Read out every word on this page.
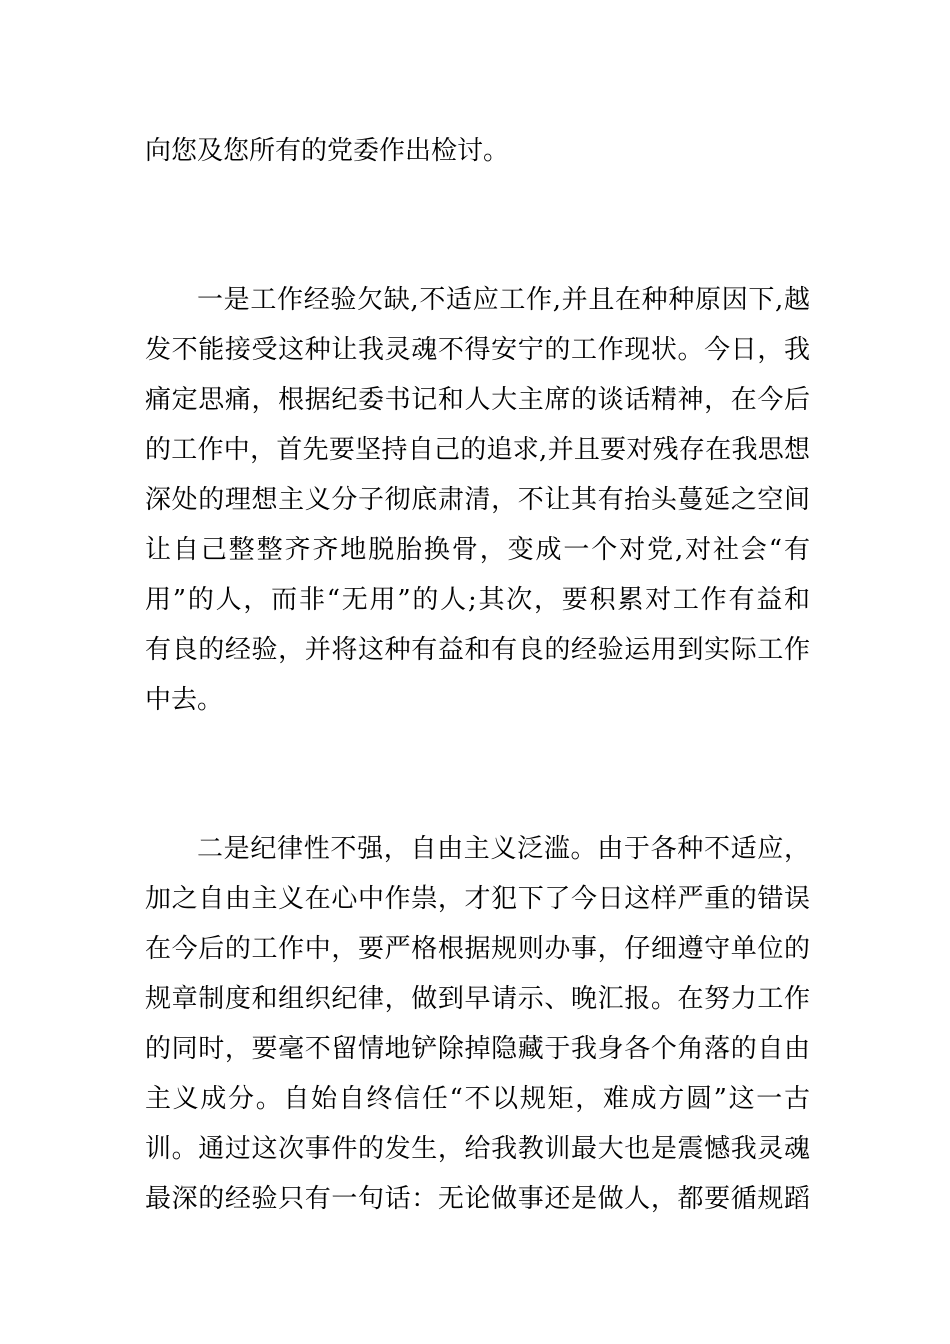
向您及您所有的党委作出检讨。
一是工作经验欠缺,不适应工作,并且在种种原因下,越
发不能接受这种让我灵魂不得安宁的工作现状。今日，我
痛定思痛，根据纪委书记和人大主席的谈话精神，在今后
的工作中，首先要坚持自己的追求,并且要对残存在我思想
深处的理想主义分子彻底肃清，不让其有抬头蔓延之空间
让自己整整齐齐地脱胎换骨，变成一个对党,对社会“有
用”的人，而非“无用”的人;其次，要积累对工作有益和
有良的经验，并将这种有益和有良的经验运用到实际工作
中去。
二是纪律性不强，自由主义泛滥。由于各种不适应，
加之自由主义在心中作祟，才犯下了今日这样严重的错误
在今后的工作中，要严格根据规则办事，仔细遵守单位的
规章制度和组织纪律，做到早请示、晚汇报。在努力工作
的同时，要毫不留情地铲除掉隐藏于我身各个角落的自由
主义成分。自始自终信任“不以规矩，难成方圆”这一古
训。通过这次事件的发生，给我教训最大也是震憾我灵魂
最深的经验只有一句话：无论做事还是做人，都要循规蹈
